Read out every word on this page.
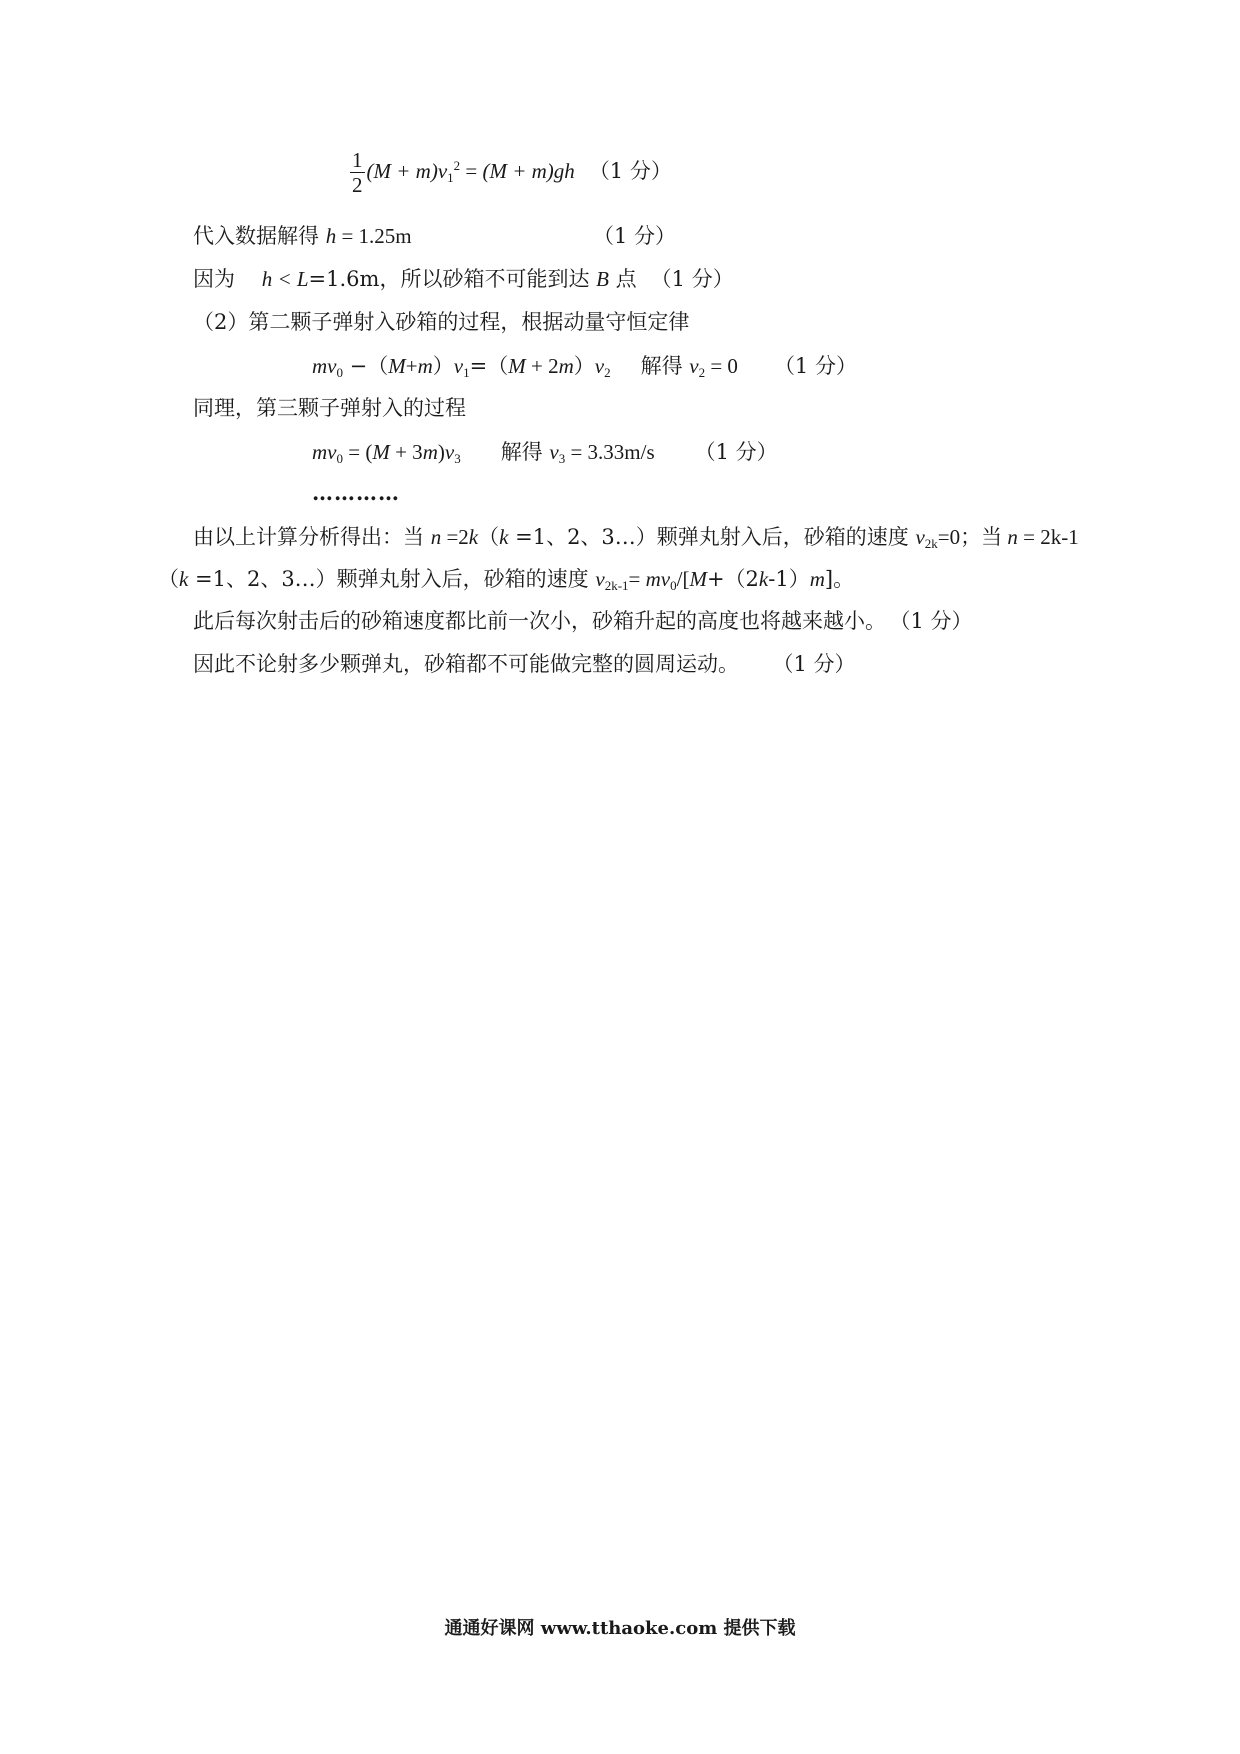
$\frac{1}{2} (M + m)v_1^2 = (M + m)gh$ （1 分）
代入数据解得 h = 1.25m	（1 分）
因为 h < L=1.6m，所以砂箱不可能到达 B 点 （1 分）
（2）第二颗子弹射入砂箱的过程，根据动量守恒定律
$mv_0 -(M+m)v_1=(M + 2m)v_2$ 解得 $v_2 = 0$ （1 分）
同理，第三颗子弹射入的过程
$mv_0 = (M + 3m)v_3$ 解得 $v_3 = 3.33m/s$ （1 分）
…………
由以上计算分析得出：当 n =2k（k =1、2、3…）颗弹丸射入后，砂箱的速度 $v_{2k}=0$；当 n = 2k-1
（k =1、2、3…）颗弹丸射入后，砂箱的速度 $v_{2k-1}= mv_0/[M+(2k-1)m]$。
此后每次射击后的砂箱速度都比前一次小，砂箱升起的高度也将越来越小。 （1 分）
因此不论射多少颗弹丸，砂箱都不可能做完整的圆周运动。 （1 分）
通通好课网 www.tthaoke.com 提供下载
